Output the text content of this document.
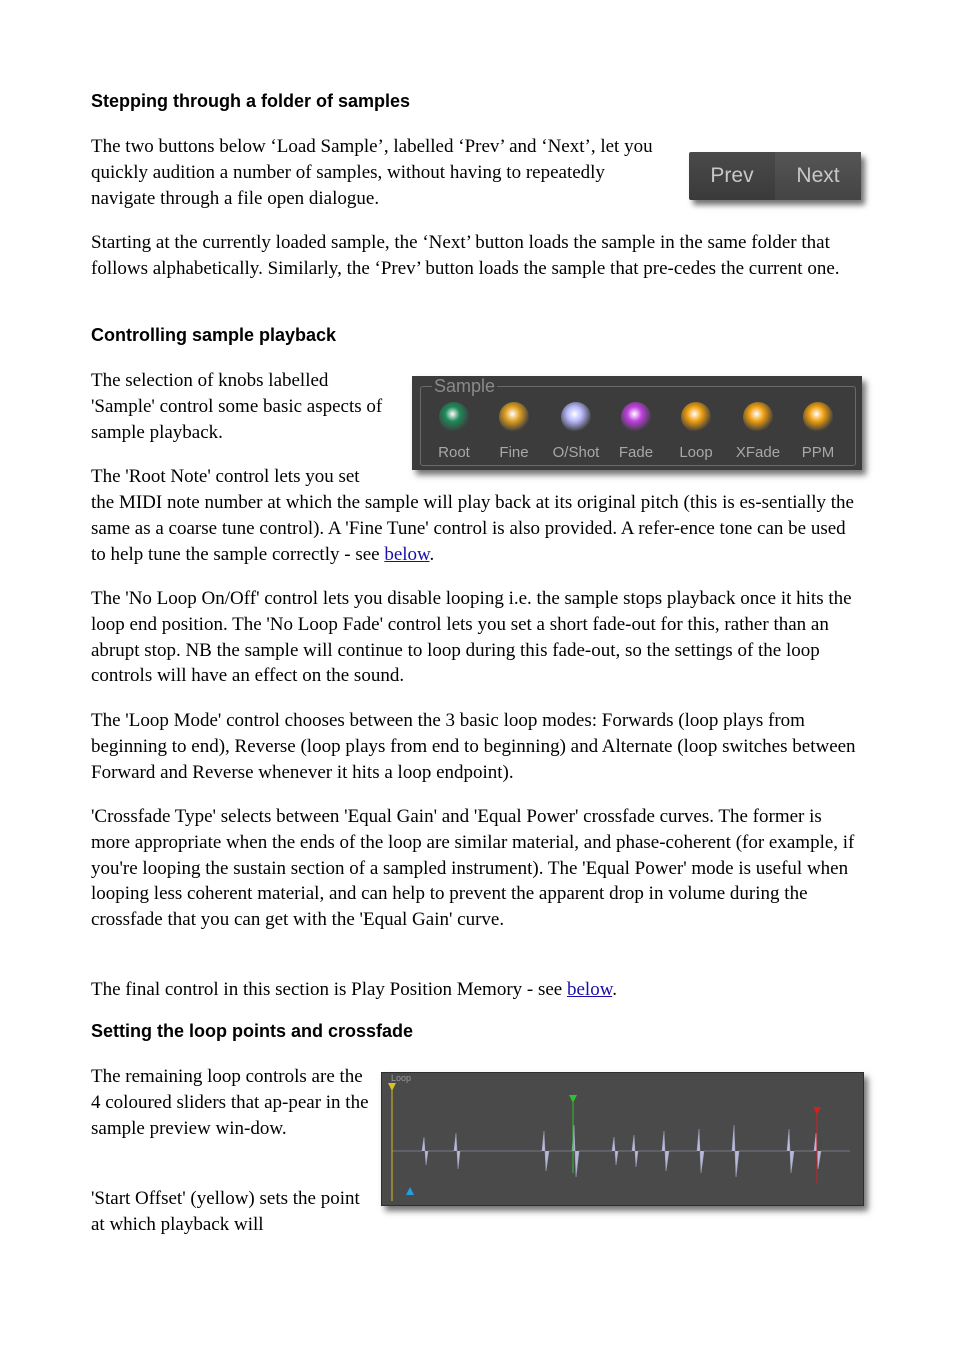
Stepping through a folder of samples

The two buttons below ‘Load Sample’, labelled ‘Prev’ and ‘Next’, let you quickly audition a number of samples, without having to repeatedly navigate through a file open dialogue.

Prev	Next

Starting at the currently loaded sample, the ‘Next’ button loads the sample in the same folder that follows alphabetically. Similarly, the ‘Prev’ button loads the sample that pre-cedes the current one.

Controlling sample playback

The selection of knobs labelled 'Sample' control some basic aspects of sample playback.

The 'Root Note' control lets you set

Sample
Root	Fine	O/Shot	Fade	Loop	XFade	PPM

the MIDI note number at which the sample will play back at its original pitch (this is es-sentially the same as a coarse tune control). A 'Fine Tune' control is also provided. A refer-ence tone can be used to help tune the sample correctly - see below.

The 'No Loop On/Off' control lets you disable looping i.e. the sample stops playback once it hits the loop end position. The 'No Loop Fade' control lets you set a short fade-out for this, rather than an abrupt stop. NB the sample will continue to loop during this fade-out, so the settings of the loop controls will have an effect on the sound.

The 'Loop Mode' control chooses between the 3 basic loop modes: Forwards (loop plays from beginning to end), Reverse (loop plays from end to beginning) and Alternate (loop switches between Forward and Reverse whenever it hits a loop endpoint).

'Crossfade Type' selects between 'Equal Gain' and 'Equal Power' crossfade curves. The former is more appropriate when the ends of the loop are similar material, and phase-coherent (for example, if you're looping the sustain section of a sampled instrument). The 'Equal Power' mode is useful when looping less coherent material, and can help to prevent the apparent drop in volume during the crossfade that you can get with the 'Equal Gain' curve.

The final control in this section is Play Position Memory - see below.

Setting the loop points and crossfade

The remaining loop controls are the 4 coloured sliders that ap-pear in the sample preview win-dow.

'Start Offset' (yellow) sets the point at which playback will

Loop
